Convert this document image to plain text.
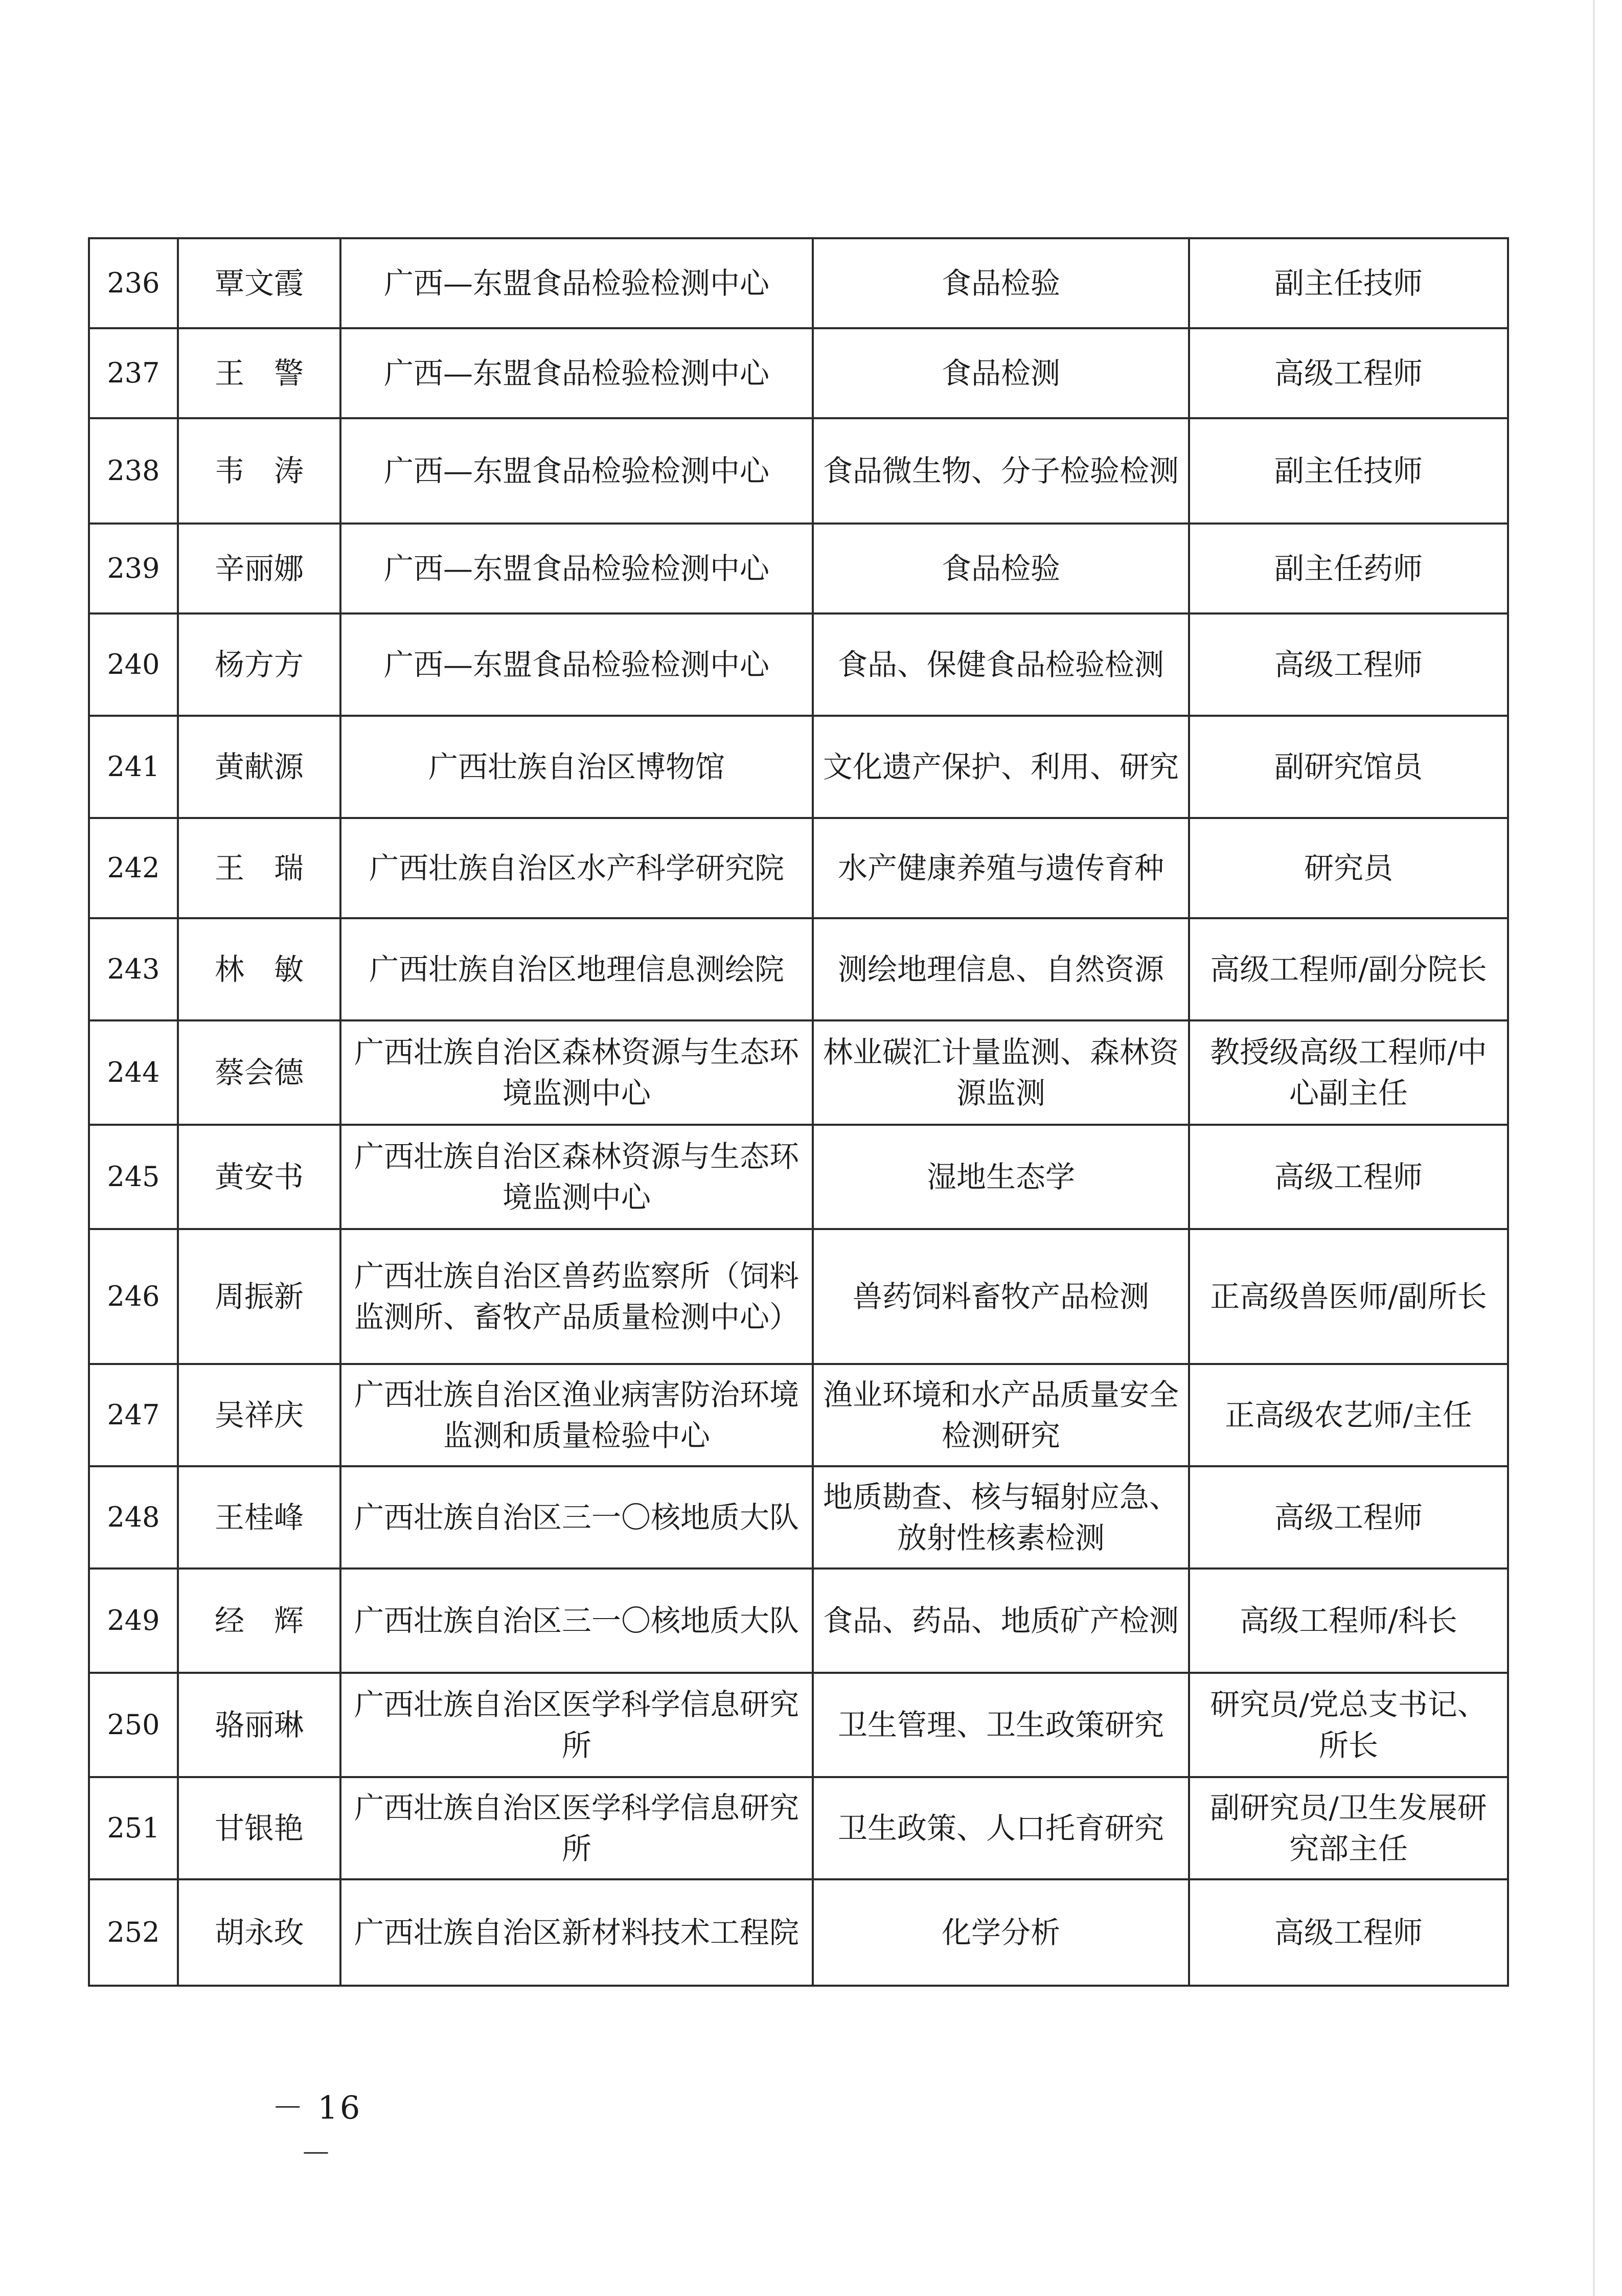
236	覃文霞	广西—东盟食品检验检测中心	食品检验	副主任技师
237	王　警	广西—东盟食品检验检测中心	食品检测	高级工程师
238	韦　涛	广西—东盟食品检验检测中心	食品微生物、分子检验检测	副主任技师
239	辛丽娜	广西—东盟食品检验检测中心	食品检验	副主任药师
240	杨方方	广西—东盟食品检验检测中心	食品、保健食品检验检测	高级工程师
241	黄献源	广西壮族自治区博物馆	文化遗产保护、利用、研究	副研究馆员
242	王　瑞	广西壮族自治区水产科学研究院	水产健康养殖与遗传育种	研究员
243	林　敏	广西壮族自治区地理信息测绘院	测绘地理信息、自然资源	高级工程师/副分院长
244	蔡会德	广西壮族自治区森林资源与生态环境监测中心	林业碳汇计量监测、森林资源监测	教授级高级工程师/中心副主任
245	黄安书	广西壮族自治区森林资源与生态环境监测中心	湿地生态学	高级工程师
246	周振新	广西壮族自治区兽药监察所（饲料监测所、畜牧产品质量检测中心）	兽药饲料畜牧产品检测	正高级兽医师/副所长
247	吴祥庆	广西壮族自治区渔业病害防治环境监测和质量检验中心	渔业环境和水产品质量安全检测研究	正高级农艺师/主任
248	王桂峰	广西壮族自治区三一〇核地质大队	地质勘查、核与辐射应急、放射性核素检测	高级工程师
249	经　辉	广西壮族自治区三一〇核地质大队	食品、药品、地质矿产检测	高级工程师/科长
250	骆丽琳	广西壮族自治区医学科学信息研究所	卫生管理、卫生政策研究	研究员/党总支书记、所长
251	甘银艳	广西壮族自治区医学科学信息研究所	卫生政策、人口托育研究	副研究员/卫生发展研究部主任
252	胡永玫	广西壮族自治区新材料技术工程院	化学分析	高级工程师
－ 16 －
